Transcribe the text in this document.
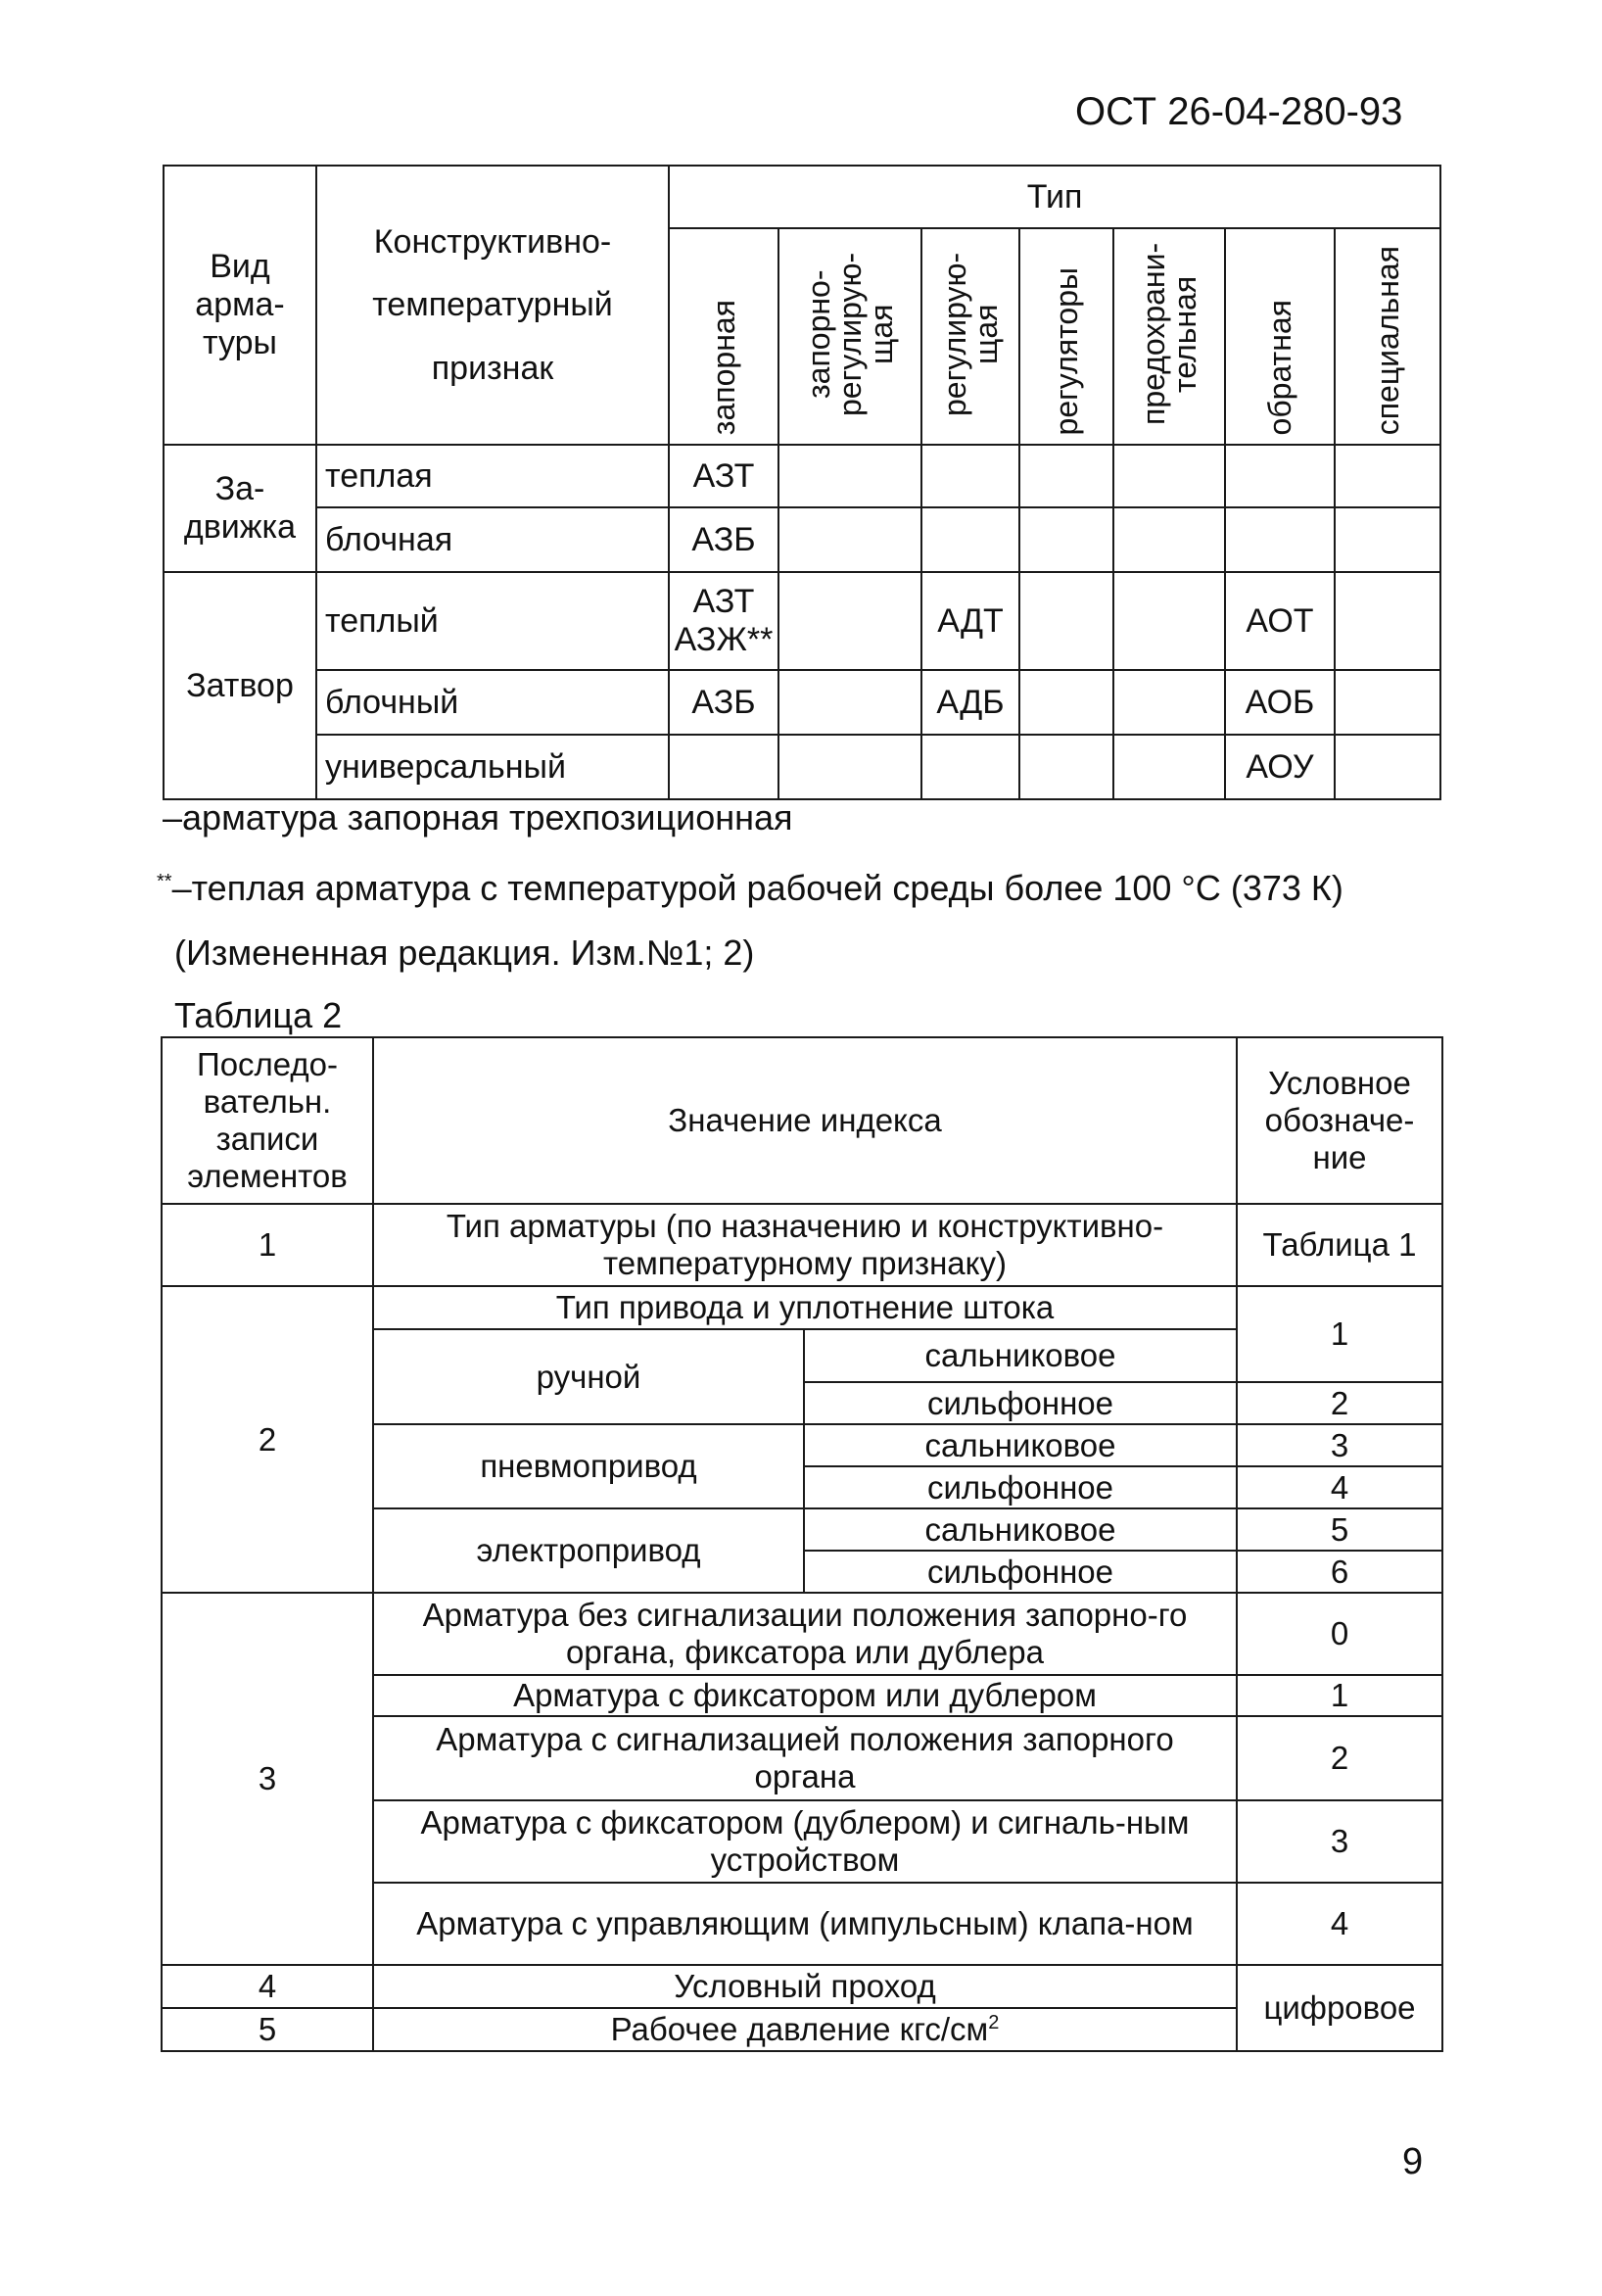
ОСТ 26-04-280-93
Вид арма-туры	Конструктивно-температурный признак	Тип						
		запорная	запорно-регулирую-щая	регулирую-щая	регуляторы	предохрани-тельная	обратная	специальная
За-движка	теплая	АЗТ						
	блочная	АЗБ						
Затвор	теплый	АЗТ АЗЖ**		АДТ			АОТ	
	блочный	АЗБ		АДБ			АОБ	
	универсальный						АОУ	
–арматура запорная трехпозиционная
**–теплая арматура с температурой рабочей среды более 100 °С (373 К)
(Измененная редакция. Изм.№1; 2)
Таблица 2
Последо-вательн. записи элементов	Значение индекса		Условное обозначе-ние
1	Тип арматуры (по назначению и конструктивно-температурному признаку)		Таблица 1
2	Тип привода и уплотнение штока		1
	ручной	сальниковое	
		сильфонное	2
	пневмопривод	сальниковое	3
		сильфонное	4
	электропривод	сальниковое	5
		сильфонное	6
3	Арматура без сигнализации положения запорно-го органа, фиксатора или дублера		0
	Арматура с фиксатором или дублером		1
	Арматура с сигнализацией положения запорного органа		2
	Арматура с фиксатором (дублером) и сигналь-ным устройством		3
	Арматура с управляющим (импульсным) клапа-ном		4
4	Условный проход		цифровое
5	Рабочее давление кгс/$см^2$
9
